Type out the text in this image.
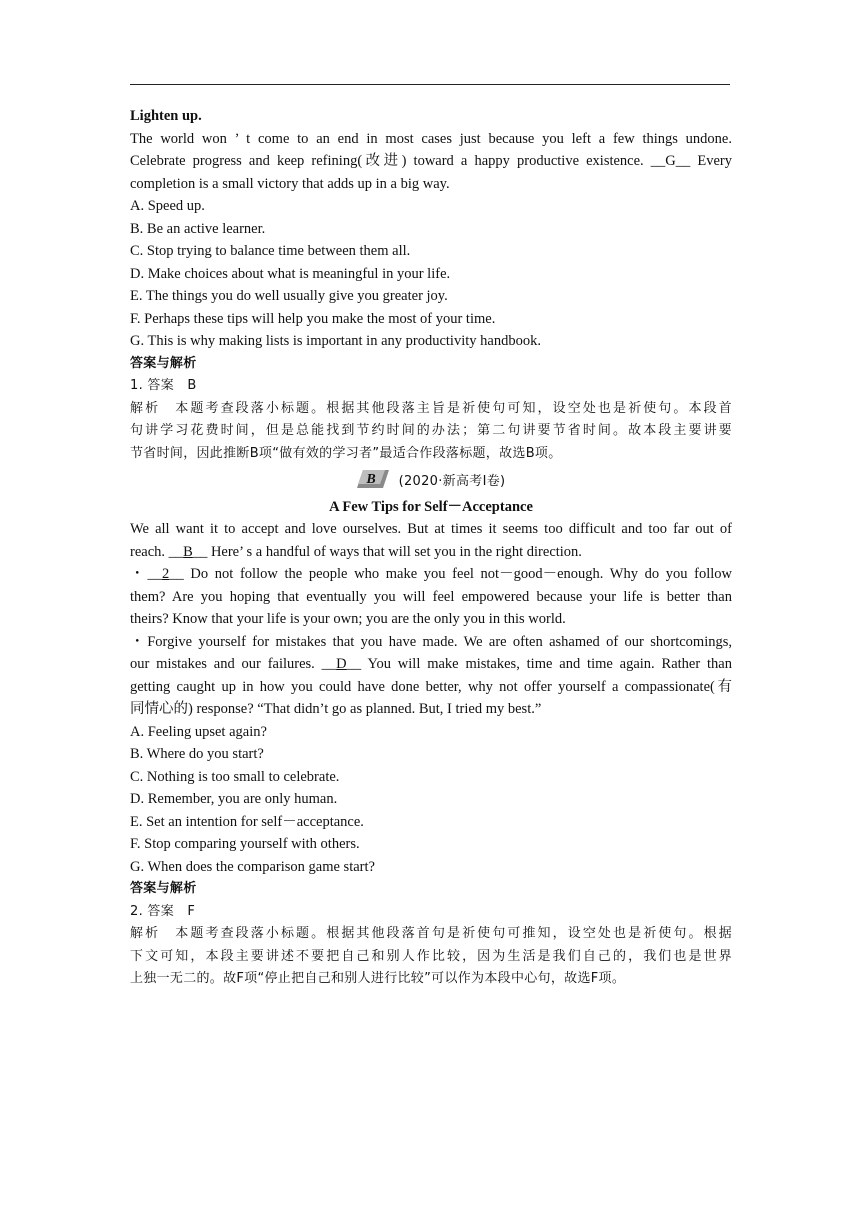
Lighten up.
The world won ’ t come to an end in most cases just because you left a few things undone.
Celebrate progress and keep refining(改进) toward a happy productive existence. __G__ Every
completion is a small victory that adds up in a big way.
A. Speed up.
B. Be an active learner.
C. Stop trying to balance time between them all.
D. Make choices about what is meaningful in your life.
E. The things you do well usually give you greater joy.
F. Perhaps these tips will help you make the most of your time.
G. This is why making lists is important in any productivity handbook.
答案与解析
1. 答案　B
解析　本题考查段落小标题。根据其他段落主旨是祈使句可知，设空处也是祈使句。本段首
句讲学习花费时间，但是总能找到节约时间的办法；第二句讲要节省时间。故本段主要讲要
节省时间，因此推断B项“做有效的学习者”最适合作段落标题，故选B项。
B (2020·新高考Ⅰ卷)
A Few Tips for Self－Acceptance
We all want it to accept and love ourselves. But at times it seems too difficult and too far out of
reach. __B__ Here’ s a handful of ways that will set you in the right direction.
・__2__ Do not follow the people who make you feel not－good－enough. Why do you follow
them? Are you hoping that eventually you will feel empowered because your life is better than
theirs? Know that your life is your own; you are the only you in this world.
・Forgive yourself for mistakes that you have made. We are often ashamed of our shortcomings,
our mistakes and our failures. __D__ You will make mistakes, time and time again. Rather than
getting caught up in how you could have done better, why not offer yourself a compassionate(有
同情心的) response? “That didn’t go as planned. But, I tried my best.”
A. Feeling upset again?
B. Where do you start?
C. Nothing is too small to celebrate.
D. Remember, you are only human.
E. Set an intention for self－acceptance.
F. Stop comparing yourself with others.
G. When does the comparison game start?
答案与解析
2. 答案　F
解析　本题考查段落小标题。根据其他段落首句是祈使句可推知，设空处也是祈使句。根据
下文可知，本段主要讲述不要把自己和别人作比较，因为生活是我们自己的，我们也是世界
上独一无二的。故F项“停止把自己和别人进行比较”可以作为本段中心句，故选F项。
